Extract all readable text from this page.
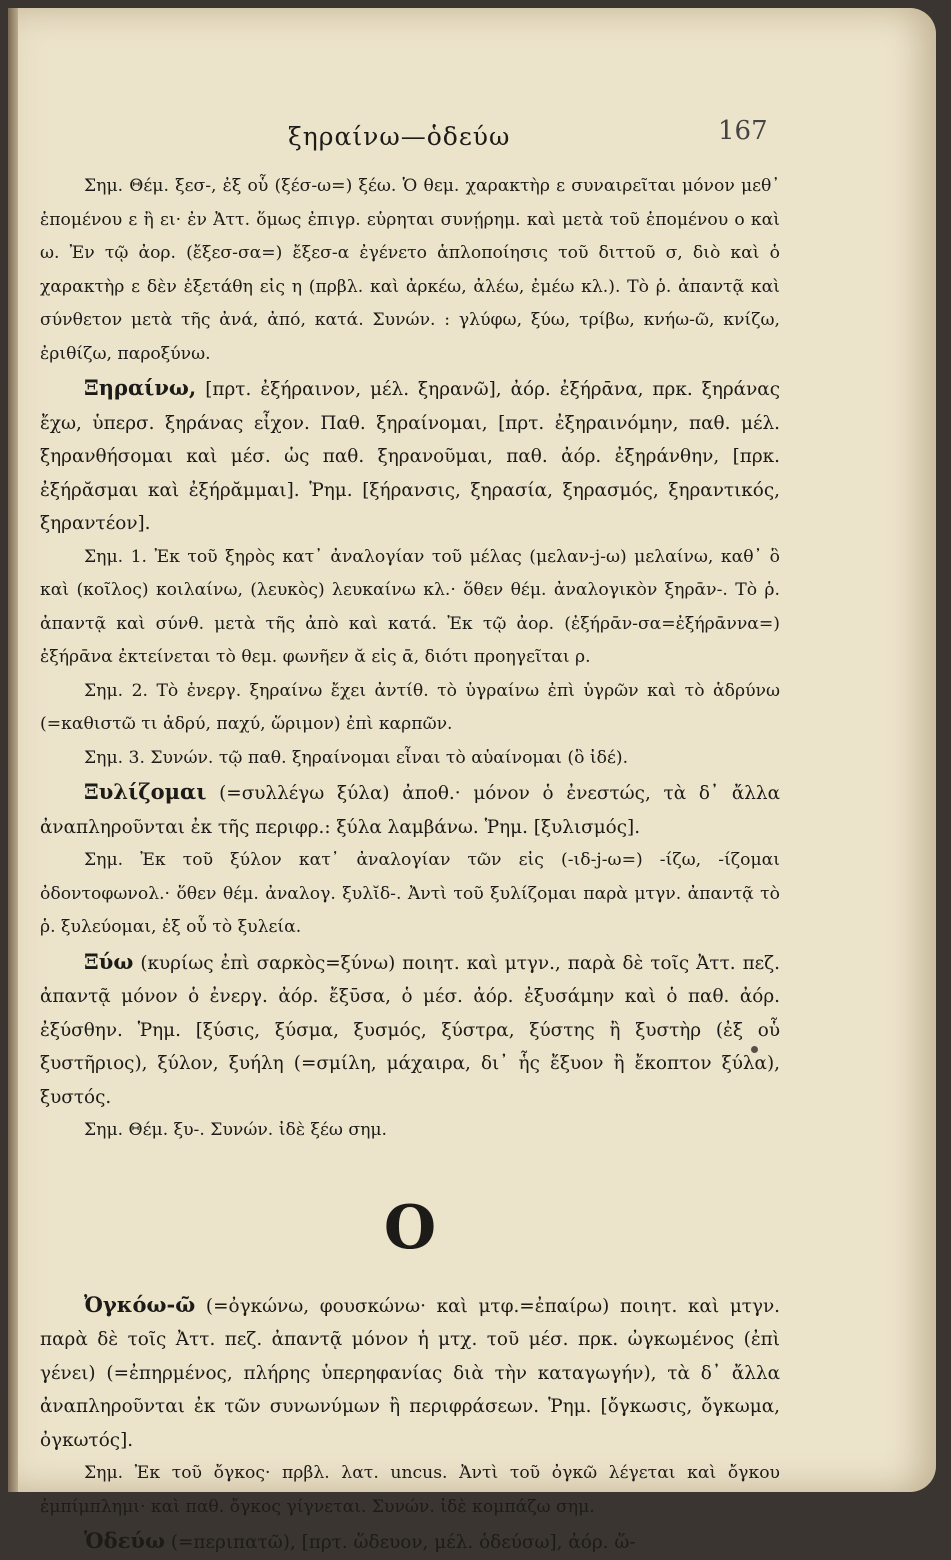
ξηραίνω—ὁδεύω	167

Σημ. Θέμ. ξεσ-, ἐξ οὗ (ξέσ-ω=) ξέω. Ὁ θεμ. χαρακτὴρ ε συναιρεῖται μόνον μεθ᾿ ἑπομένου ε ἢ ει· ἐν Ἀττ. ὅμως ἐπιγρ. εὑρηται συνῄρημ. καὶ μετὰ τοῦ ἑπομένου ο καὶ ω. Ἐν τῷ ἀορ. (ἔξεσ-σα=) ἔξεσ-α ἐγένετο ἁπλοποίησις τοῦ διττοῦ σ, διὸ καὶ ὁ χαρακτὴρ ε δὲν ἐξετάθη εἰς η (πρβλ. καὶ ἀρκέω, ἀλέω, ἐμέω κλ.). Τὸ ῥ. ἀπαντᾷ καὶ σύνθετον μετὰ τῆς ἀνά, ἀπό, κατά. Συνών. : γλύφω, ξύω, τρίβω, κνήω-ῶ, κνίζω, ἐριθίζω, παροξύνω.

Ξηραίνω, [πρτ. ἐξήραινον, μέλ. ξηρανῶ], ἀόρ. ἐξήρᾱνα, πρκ. ξηράνας ἔχω, ὑπερσ. ξηράνας εἶχον. Παθ. ξηραίνομαι, [πρτ. ἐξηραινόμην, παθ. μέλ. ξηρανθήσομαι καὶ μέσ. ὡς παθ. ξηρανοῦμαι, παθ. ἀόρ. ἐξηράνθην, [πρκ. ἐξήρᾰσμαι καὶ ἐξήρᾰμμαι]. Ῥημ. [ξήρανσις, ξηρασία, ξηρασμός, ξηραντικός, ξηραντέον].

Σημ. 1. Ἐκ τοῦ ξηρὸς κατ᾿ ἀναλογίαν τοῦ μέλας (μελαν-j-ω) μελαίνω, καθ᾿ ὃ καὶ (κοῖλος) κοιλαίνω, (λευκὸς) λευκαίνω κλ.· ὅθεν θέμ. ἀναλογικὸν ξηρᾱν-. Τὸ ῥ. ἀπαντᾷ καὶ σύνθ. μετὰ τῆς ἀπὸ καὶ κατά. Ἐκ τῷ ἀορ. (ἐξήρᾱν-σα=ἐξήρᾱννα=) ἐξήρᾱνα ἐκτείνεται τὸ θεμ. φωνῆεν ᾰ εἰς ᾱ, διότι προηγεῖται ρ.

Σημ. 2. Τὸ ἐνεργ. ξηραίνω ἔχει ἀντίθ. τὸ ὑγραίνω ἐπὶ ὑγρῶν καὶ τὸ ἁδρύνω (=καθιστῶ τι ἁδρύ, παχύ, ὥριμον) ἐπὶ καρπῶν.

Σημ. 3. Συνών. τῷ παθ. ξηραίνομαι εἶναι τὸ αὑαίνομαι (ὃ ἰδέ).

Ξυλίζομαι (=συλλέγω ξύλα) ἀποθ.· μόνον ὁ ἐνεστώς, τὰ δ᾿ ἄλλα ἀναπληροῦνται ἐκ τῆς περιφρ.: ξύλα λαμβάνω. Ῥημ. [ξυλισμός].

Σημ. Ἐκ τοῦ ξύλον κατ᾿ ἀναλογίαν τῶν εἰς (-ιδ-j-ω=) -ίζω, -ίζομαι ὀδοντοφωνολ.· ὅθεν θέμ. ἀναλογ. ξυλῐδ-. Ἀντὶ τοῦ ξυλίζομαι παρὰ μτγν. ἀπαντᾷ τὸ ῥ. ξυλεύομαι, ἐξ οὗ τὸ ξυλεία.

Ξύω (κυρίως ἐπὶ σαρκὸς=ξύνω) ποιητ. καὶ μτγν., παρὰ δὲ τοῖς Ἀττ. πεζ. ἀπαντᾷ μόνον ὁ ἐνεργ. ἀόρ. ἔξῡσα, ὁ μέσ. ἀόρ. ἐξυσάμην καὶ ὁ παθ. ἀόρ. ἐξύσθην. Ῥημ. [ξύσις, ξύσμα, ξυσμός, ξύστρα, ξύστης ἢ ξυστὴρ (ἐξ οὗ ξυστῆριος), ξύλον, ξυήλη (=σμίλη, μάχαιρα, δι᾿ ἧς ἔξυον ἢ ἔκοπτον ξύλα), ξυστός.

Σημ. Θέμ. ξυ-. Συνών. ἰδὲ ξέω σημ.

Ο

Ὀγκόω-ῶ (=ὀγκώνω, φουσκώνω· καὶ μτφ.=ἐπαίρω) ποιητ. καὶ μτγν. παρὰ δὲ τοῖς Ἀττ. πεζ. ἀπαντᾷ μόνον ἡ μτχ. τοῦ μέσ. πρκ. ὠγκωμένος (ἐπὶ γένει) (=ἐπηρμένος, πλήρης ὑπερηφανίας διὰ τὴν καταγωγήν), τὰ δ᾿ ἄλλα ἀναπληροῦνται ἐκ τῶν συνωνύμων ἢ περιφράσεων. Ῥημ. [ὄγκωσις, ὄγκωμα, ὀγκωτός].

Σημ. Ἐκ τοῦ ὄγκος· πρβλ. λατ. uncus. Ἀντὶ τοῦ ὀγκῶ λέγεται καὶ ὄγκου ἐμπίμπλημι· καὶ παθ. ὄγκος γίγνεται. Συνών. ἰδὲ κομπάζω σημ.

Ὁδεύω (=περιπατῶ), [πρτ. ὥδευον, μέλ. ὁδεύσω], ἀόρ. ὥ-
